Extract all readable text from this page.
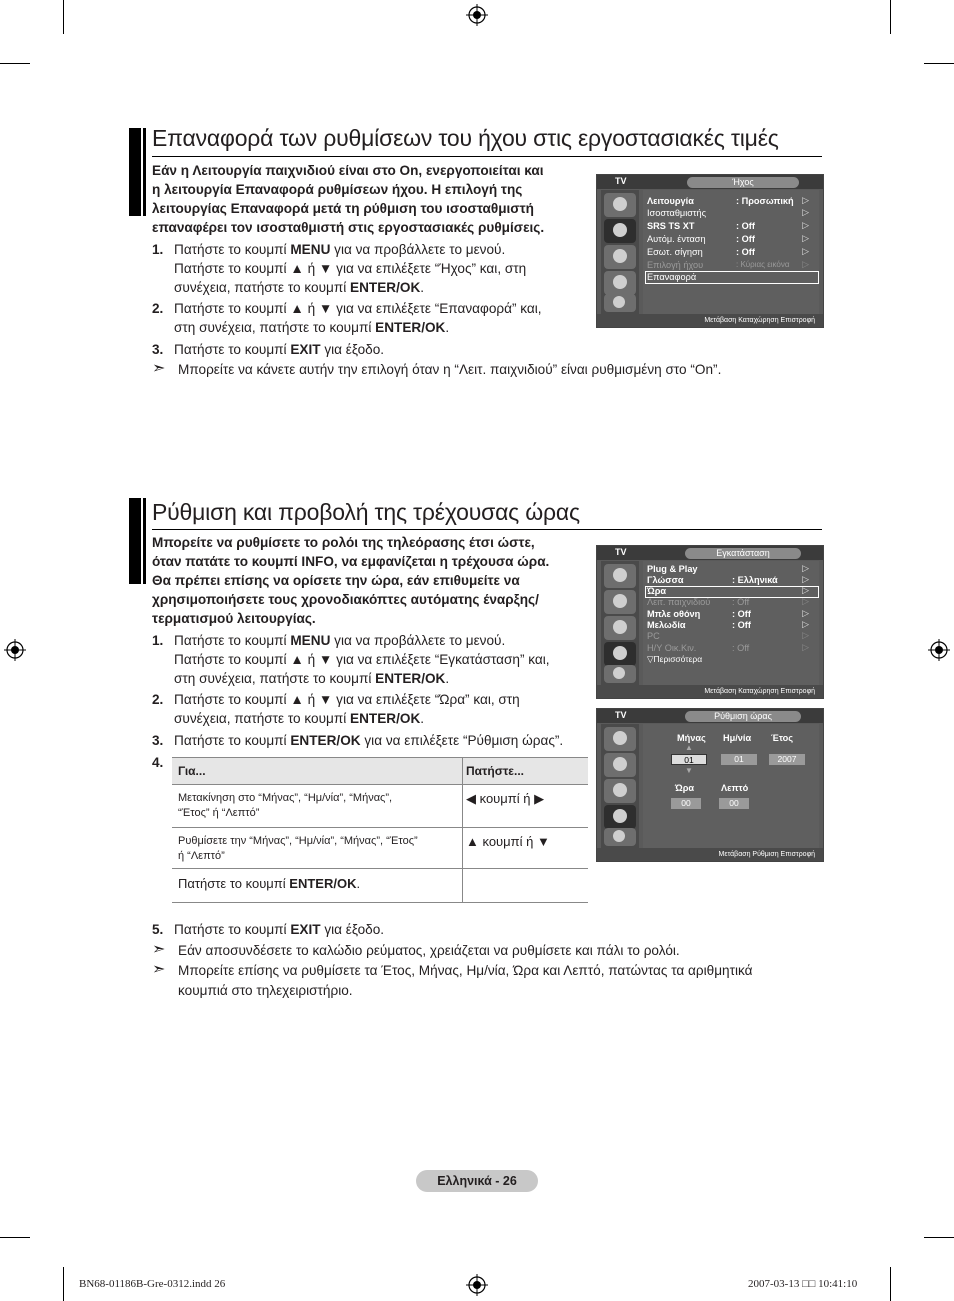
Επαναφορά των ρυθμίσεων του ήχου στις εργοστασιακές τιμές
Εάν η Λειτουργία παιχνιδιού είναι στο On, ενεργοποιείται και
η λειτουργία Επαναφορά ρυθμίσεων ήχου. Η επιλογή της
λειτουργίας Επαναφορά μετά τη ρύθμιση του ισοσταθμιστή
επαναφέρει τον ισοσταθμιστή στις εργοστασιακές ρυθμίσεις.
1. Πατήστε το κουμπί MENU για να προβάλλετε το μενού.
Πατήστε το κουμπί ▲ ή ▼ για να επιλέξετε “Ήχος” και, στη
συνέχεια, πατήστε το κουμπί ENTER/OK.
2. Πατήστε το κουμπί ▲ ή ▼ για να επιλέξετε “Επαναφορά” και,
στη συνέχεια, πατήστε το κουμπί ENTER/OK.
3. Πατήστε το κουμπί EXIT για έξοδο.
➣ Μπορείτε να κάνετε αυτήν την επιλογή όταν η “Λειτ. παιχνιδιού” είναι ρυθμισμένη στο “On”.
TV	Ήχος
Λειτουργία	: Προσωπική
Ισοσταθμιστής
SRS TS XT	: Off
Αυτόμ. ένταση	: Off
Εσωτ. σίγηση	: Off
Επιλογή ήχου	: Κύριας εικόνα
Επαναφορά
▷
▷
▷
▷
▷
▷
Μετάβαση Καταχώρηση Επιστροφή
Ρύθμιση και προβολή της τρέχουσας ώρας
Μπορείτε να ρυθμίσετε το ρολόι της τηλεόρασης έτσι ώστε,
όταν πατάτε το κουμπί INFO, να εμφανίζεται η τρέχουσα ώρα.
Θα πρέπει επίσης να ορίσετε την ώρα, εάν επιθυμείτε να
χρησιμοποιήσετε τους χρονοδιακόπτες αυτόματης έναρξης/
τερματισμού λειτουργίας.
1. Πατήστε το κουμπί MENU για να προβάλλετε το μενού.
Πατήστε το κουμπί ▲ ή ▼ για να επιλέξετε “Εγκατάσταση” και,
στη συνέχεια, πατήστε το κουμπί ENTER/OK.
2. Πατήστε το κουμπί ▲ ή ▼ για να επιλέξετε “Ώρα” και, στη
συνέχεια, πατήστε το κουμπί ENTER/OK.
3. Πατήστε το κουμπί ENTER/OK για να επιλέξετε “Ρύθμιση ώρας”.
4.
Για...	Πατήστε...
Μετακίνηση στο “Μήνας”, “Ημ/νία”, “Μήνας”,
“Έτος” ή “Λεπτό”
◀ κουμπί ή ▶
Ρυθμίσετε την “Μήνας”, “Ημ/νία”, “Μήνας”, “Έτος”
ή “Λεπτό”
▲ κουμπί ή ▼
Πατήστε το κουμπί ENTER/OK.
5. Πατήστε το κουμπί EXIT για έξοδο.
➣ Εάν αποσυνδέσετε το καλώδιο ρεύματος, χρειάζεται να ρυθμίσετε και πάλι το ρολόι.
➣ Μπορείτε επίσης να ρυθμίσετε τα Έτος, Μήνας, Ημ/νία, Ώρα και Λεπτό, πατώντας τα αριθμητικά
κουμπιά στο τηλεχειριστήριο.
TV	Εγκατάσταση
Plug & Play
Γλώσσα	: Ελληνικά
Ώρα
Λειτ. παιχνιδιού : Off
Μπλε οθόνη	: Off
Μελωδία	: Off
PC
Η/Υ Οικ.Κιν.	: Off
▽Περισσότερα
▷
▷
▷
▷
▷
▷
▷
▷
Μετάβαση Καταχώρηση Επιστροφή
TV	Ρύθμιση ώρας
Μήνας Ημ/νία Έτος
▲
01
▼
01	2007
Ώρα	Λεπτό
00	00
Μετάβαση Ρύθμιση Επιστροφή
Ελληνικά - 26
BN68-01186B-Gre-0312.indd 26	2007-03-13 □□ 10:41:10
